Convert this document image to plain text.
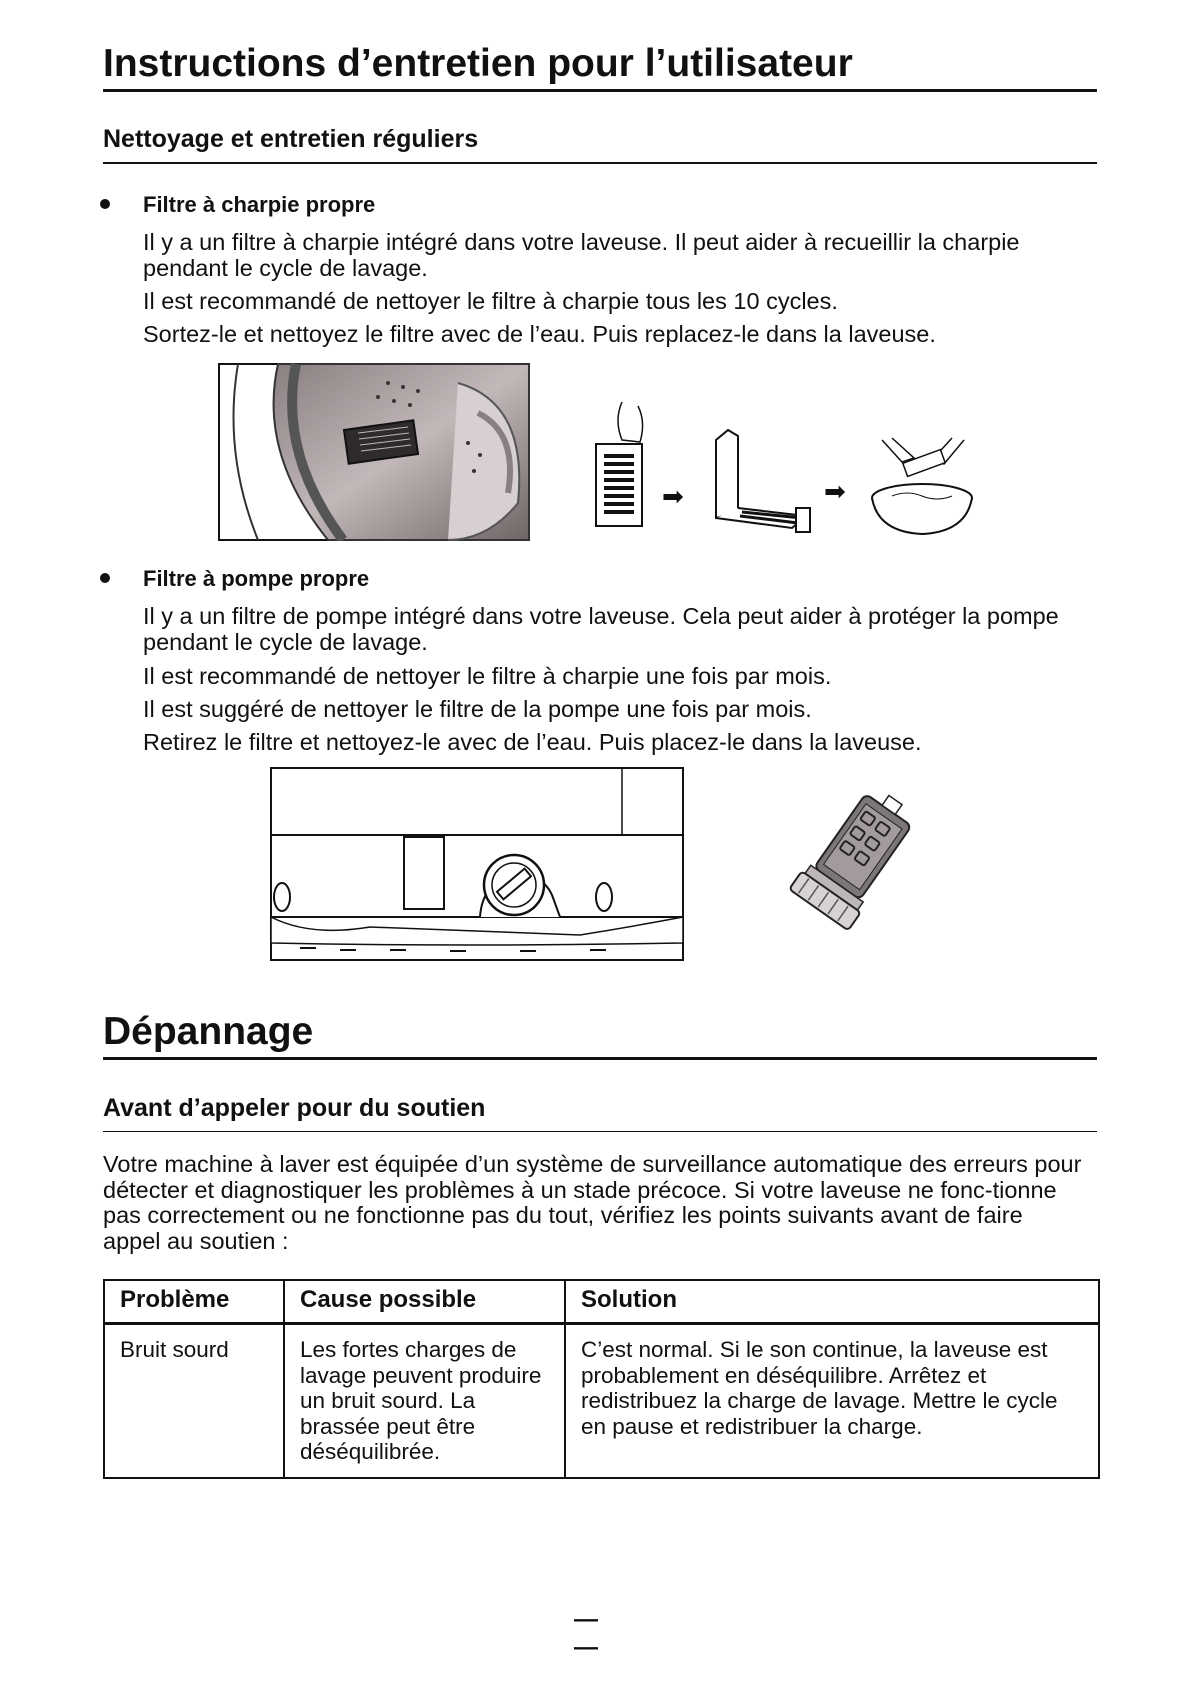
Instructions d’entretien pour l’utilisateur
Nettoyage et entretien réguliers
Filtre à charpie propre

Il y a un filtre à charpie intégré dans votre laveuse. Il peut aider à recueillir la charpie pendant le cycle de lavage.

Il est recommandé de nettoyer le filtre à charpie tous les 10 cycles.

Sortez-le et nettoyez le filtre avec de l’eau. Puis replacez-le dans la laveuse.

➡	➡
Filtre à pompe propre

Il y a un filtre de pompe intégré dans votre laveuse. Cela peut aider à protéger la pompe pendant le cycle de lavage.

Il est recommandé de nettoyer le filtre à charpie une fois par mois.

Il est suggéré de nettoyer le filtre de la pompe une fois par mois.

Retirez le filtre et nettoyez-le avec de l’eau. Puis placez-le dans la laveuse.

Dépannage
Avant d’appeler pour du soutien

Votre machine à laver est équipée d’un système de surveillance automatique des erreurs pour détecter et diagnostiquer les problèmes à un stade précoce. Si votre laveuse ne fonc-tionne pas correctement ou ne fonctionne pas du tout, vérifiez les points suivants avant de faire appel au soutien :

Problème	Cause possible	Solution
Bruit sourd	Les fortes charges de lavage peuvent produire un bruit sourd. La brassée peut être déséquilibrée.	C’est normal. Si le son continue, la laveuse est probablement en déséquilibre. Arrêtez et redistribuez la charge de lavage. Mettre le cycle en pause et redistribuer la charge.
— —
